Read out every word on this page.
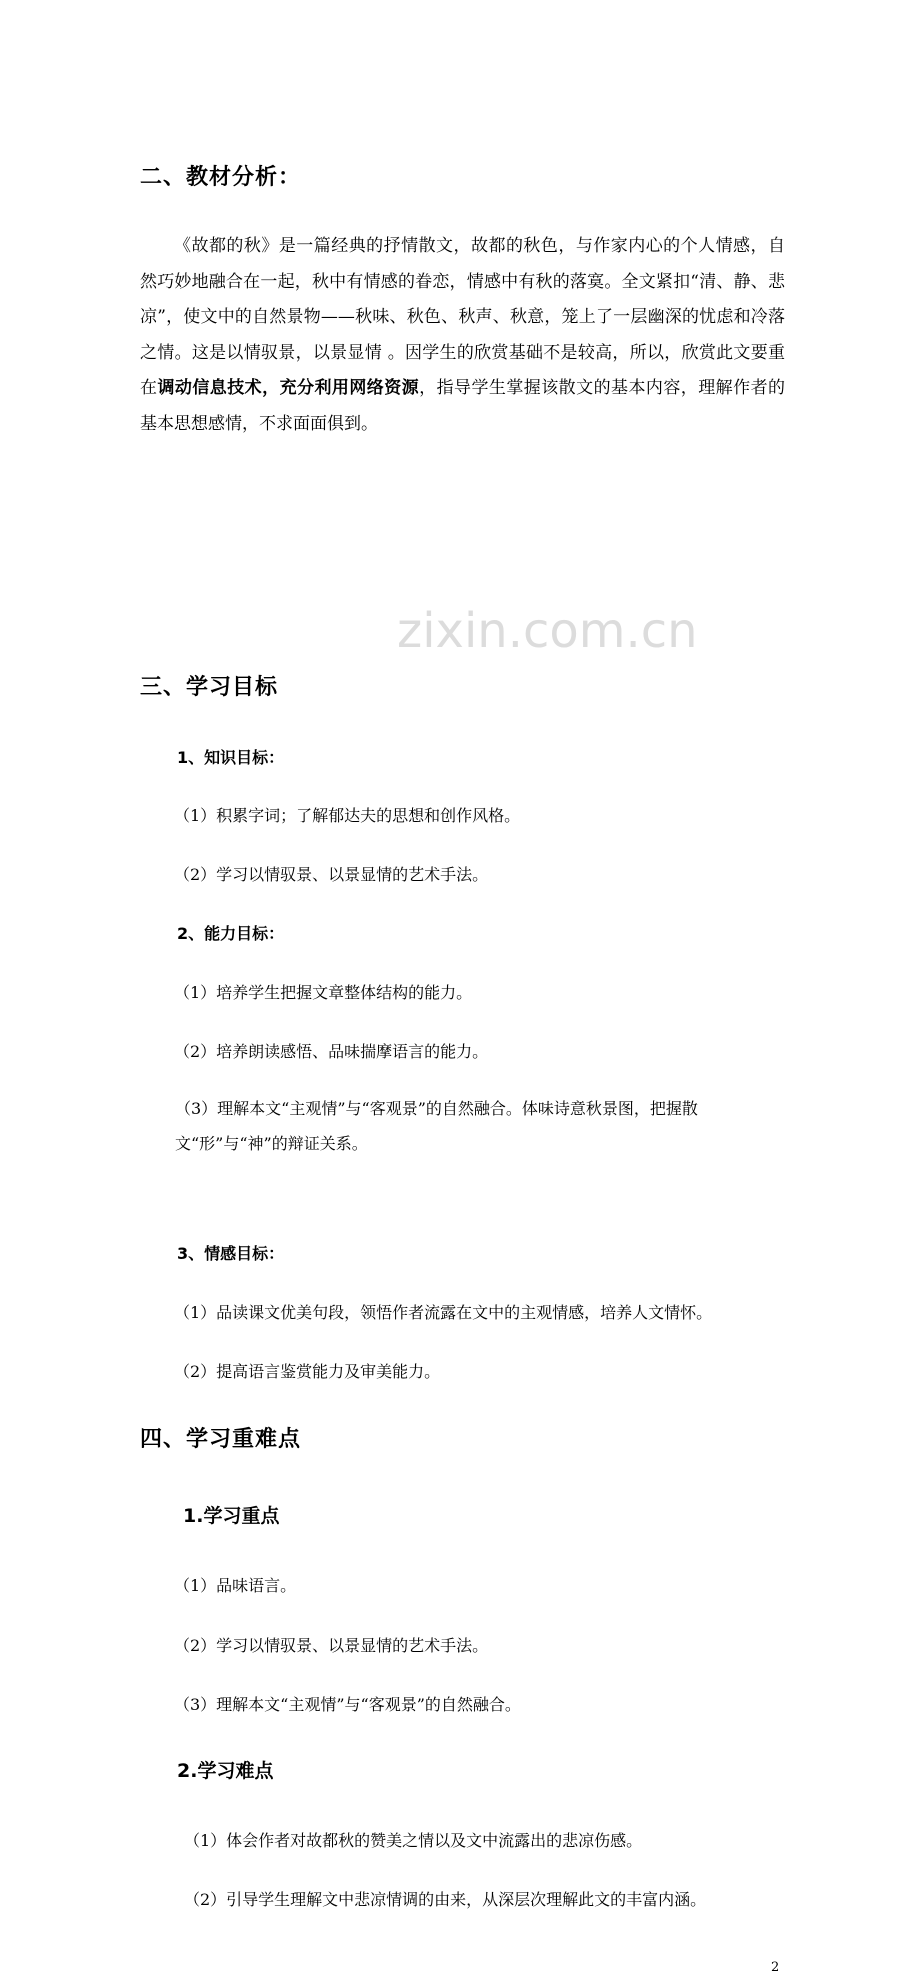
zixin.com.cn
二、教材分析：
《故都的秋》是一篇经典的抒情散文，故都的秋色，与作家内心的个人情感，自然巧妙地融合在一起，秋中有情感的眷恋，情感中有秋的落寞。全文紧扣“清、静、悲凉”，使文中的自然景物——秋味、秋色、秋声、秋意，笼上了一层幽深的忧虑和冷落之情。这是以情驭景，以景显情 。因学生的欣赏基础不是较高，所以，欣赏此文要重在调动信息技术，充分利用网络资源，指导学生掌握该散文的基本内容，理解作者的基本思想感情，不求面面俱到。
三、学习目标
1、知识目标：
（1）积累字词；了解郁达夫的思想和创作风格。
（2）学习以情驭景、以景显情的艺术手法。
2、能力目标：
（1）培养学生把握文章整体结构的能力。
（2）培养朗读感悟、品味揣摩语言的能力。
（3）理解本文“主观情”与“客观景”的自然融合。体味诗意秋景图，把握散文“形”与“神”的辩证关系。
3、情感目标：
（1）品读课文优美句段，领悟作者流露在文中的主观情感，培养人文情怀。
（2）提高语言鉴赏能力及审美能力。
四、学习重难点
1.学习重点
（1）品味语言。
（2）学习以情驭景、以景显情的艺术手法。
（3）理解本文“主观情”与“客观景”的自然融合。
2.学习难点
（1）体会作者对故都秋的赞美之情以及文中流露出的悲凉伤感。
（2）引导学生理解文中悲凉情调的由来，从深层次理解此文的丰富内涵。
2
